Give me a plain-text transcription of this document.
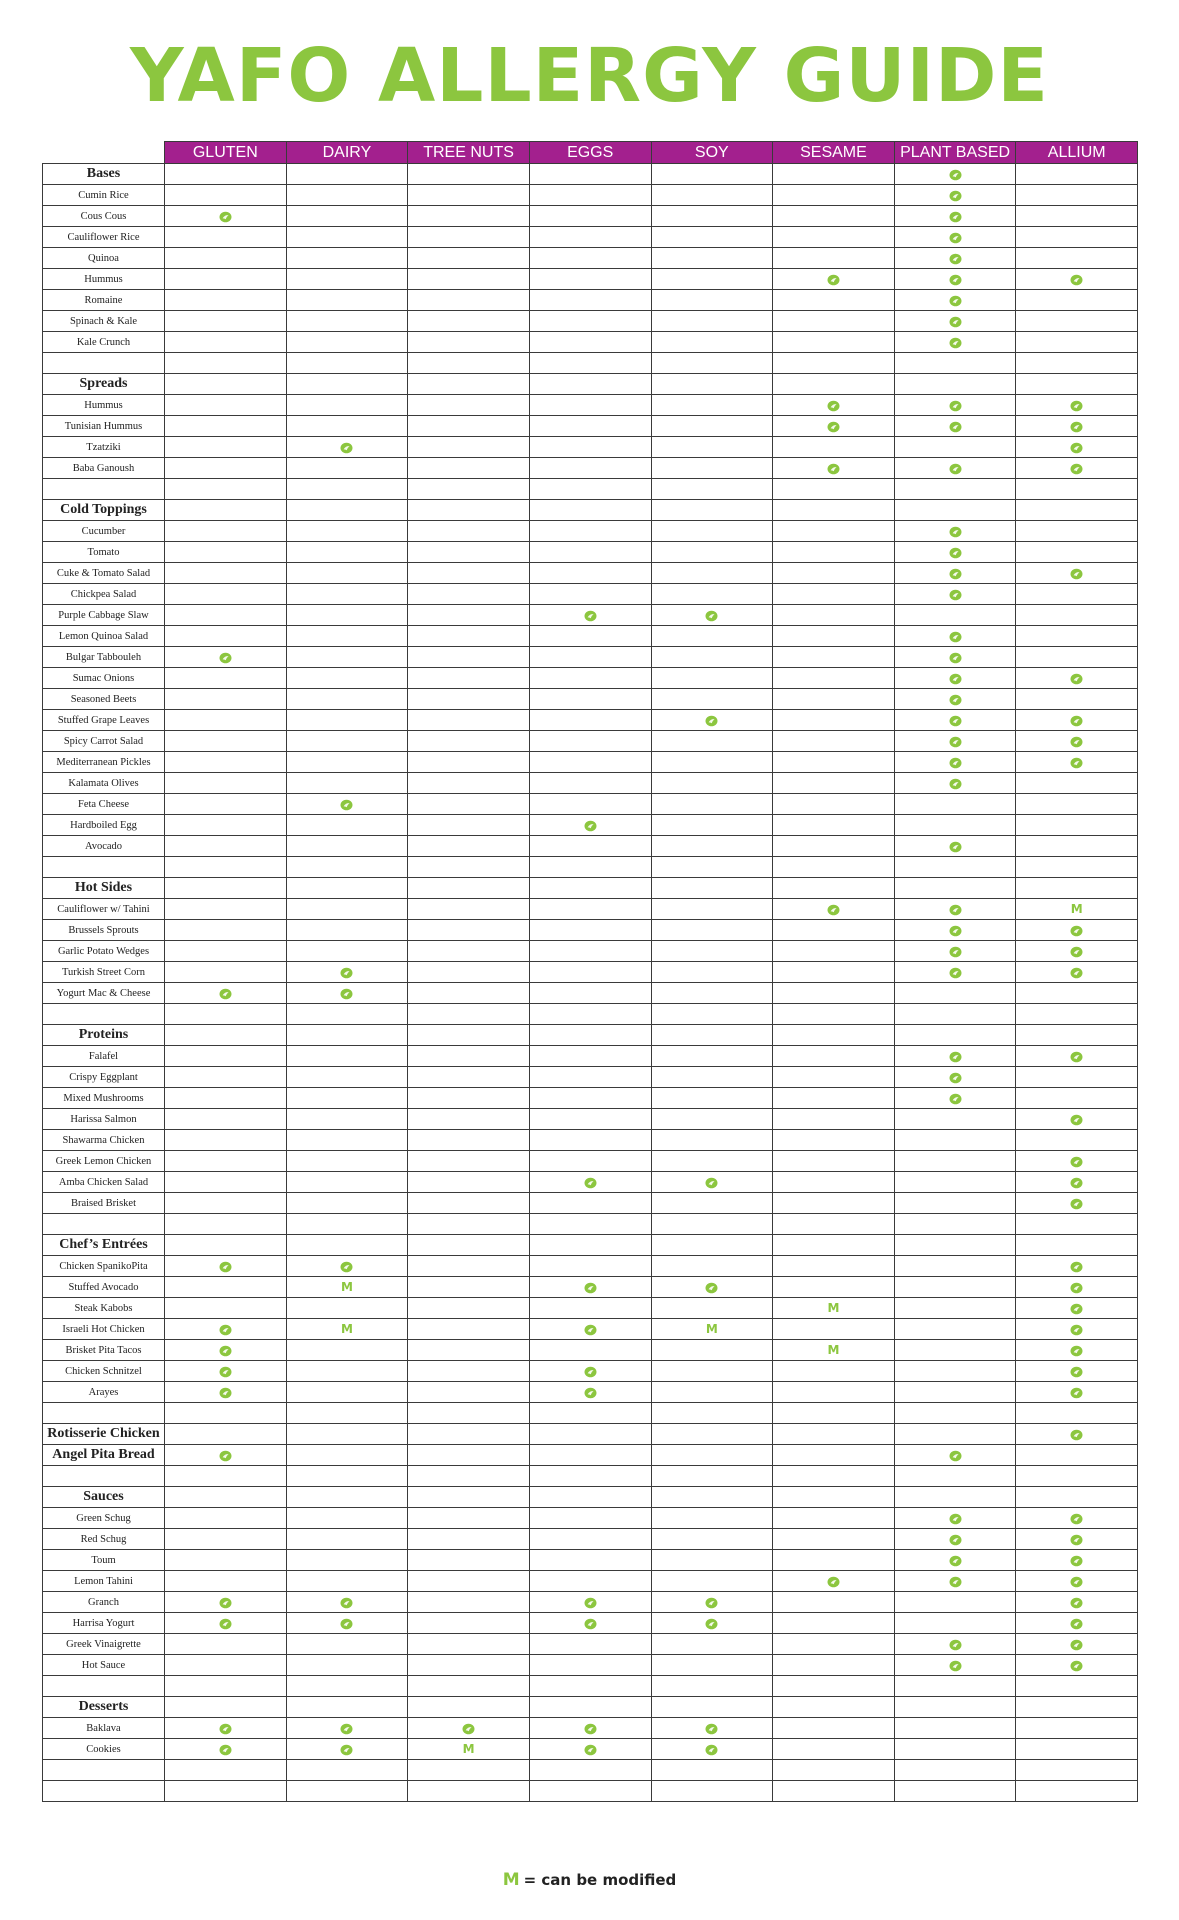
YAFO ALLERGY GUIDE
	GLUTEN	DAIRY	TREE NUTS	EGGS	SOY	SESAME	PLANT BASED	ALLIUM
Bases								
Cumin Rice								
Cous Cous								
Cauliflower Rice								
Quinoa								
Hummus								
Romaine								
Spinach & Kale								
Kale Crunch								

Spreads								
Hummus								
Tunisian Hummus								
Tzatziki								
Baba Ganoush								

Cold Toppings								
Cucumber								
Tomato								
Cuke & Tomato Salad								
Chickpea Salad								
Purple Cabbage Slaw								
Lemon Quinoa Salad								
Bulgar Tabbouleh								
Sumac Onions								
Seasoned Beets								
Stuffed Grape Leaves								
Spicy Carrot Salad								
Mediterranean Pickles								
Kalamata Olives								
Feta Cheese								
Hardboiled Egg								
Avocado								

Hot Sides								
Cauliflower w/ Tahini								M
Brussels Sprouts								
Garlic Potato Wedges								
Turkish Street Corn								
Yogurt Mac & Cheese								

Proteins								
Falafel								
Crispy Eggplant								
Mixed Mushrooms								
Harissa Salmon								
Shawarma Chicken								
Greek Lemon Chicken								
Amba Chicken Salad								
Braised Brisket								

Chef’s Entrées								
Chicken SpanikoPita								
Stuffed Avocado		M						
Steak Kabobs						M		
Israeli Hot Chicken		M			M			
Brisket Pita Tacos						M		
Chicken Schnitzel								
Arayes								

Rotisserie Chicken								
Angel Pita Bread								

Sauces								
Green Schug								
Red Schug								
Toum								
Lemon Tahini								
Granch								
Harrisa Yogurt								
Greek Vinaigrette								
Hot Sauce								

Desserts								
Baklava								
Cookies			M					

M = can be modified
